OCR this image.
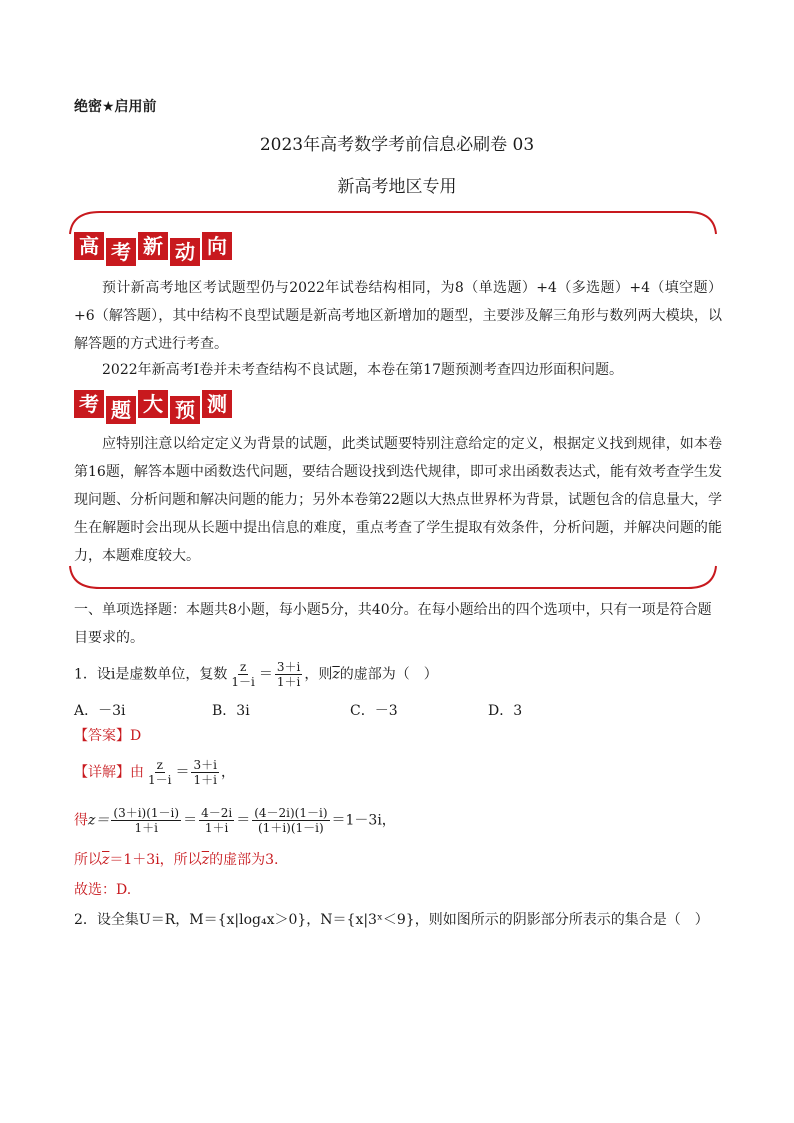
绝密★启用前
2023年高考数学考前信息必刷卷 03
新高考地区专用
高 考 新 动 向

预计新高考地区考试题型仍与2022年试卷结构相同，为8（单选题）+4（多选题）+4（填空题）+6（解答题），其中结构不良型试题是新高考地区新增加的题型，主要涉及解三角形与数列两大模块，以解答题的方式进行考查。

2022年新高考Ⅰ卷并未考查结构不良试题，本卷在第17题预测考查四边形面积问题。

考 题 大 预 测

应特别注意以给定定义为背景的试题，此类试题要特别注意给定的定义，根据定义找到规律，如本卷第16题，解答本题中函数迭代问题，要结合题设找到迭代规律，即可求出函数表达式，能有效考查学生发现问题、分析问题和解决问题的能力；另外本卷第22题以大热点世界杯为背景，试题包含的信息量大，学生在解题时会出现从长题中提出信息的难度，重点考查了学生提取有效条件，分析问题，并解决问题的能力，本题难度较大。

一、单项选择题：本题共8小题，每小题5分，共40分。在每小题给出的四个选项中，只有一项是符合题目要求的。

1．设i是虚数单位，复数 $\frac{z}{1-i} = \frac{3+i}{1+i}$ ，则$\overline{z}$的虚部为（　）
A．－3i	B．3i	C．－3	D．3
【答案】D
【详解】由 $\frac{z}{1-i} = \frac{3+i}{1+i}$ ，
得$z= \frac{(3+i)(1-i)}{1+i} = \frac{4-2i}{1+i} = \frac{(4-2i)(1-i)}{(1+i)(1-i)} =1-3i$，
所以$\overline{z}=1+3i$，所以$\overline{z}$的虚部为3.
故选：D.
2．设全集U＝R，M＝{x|log₄x＞0}，N＝{x|3ˣ＜9}，则如图所示的阴影部分所表示的集合是（　）
